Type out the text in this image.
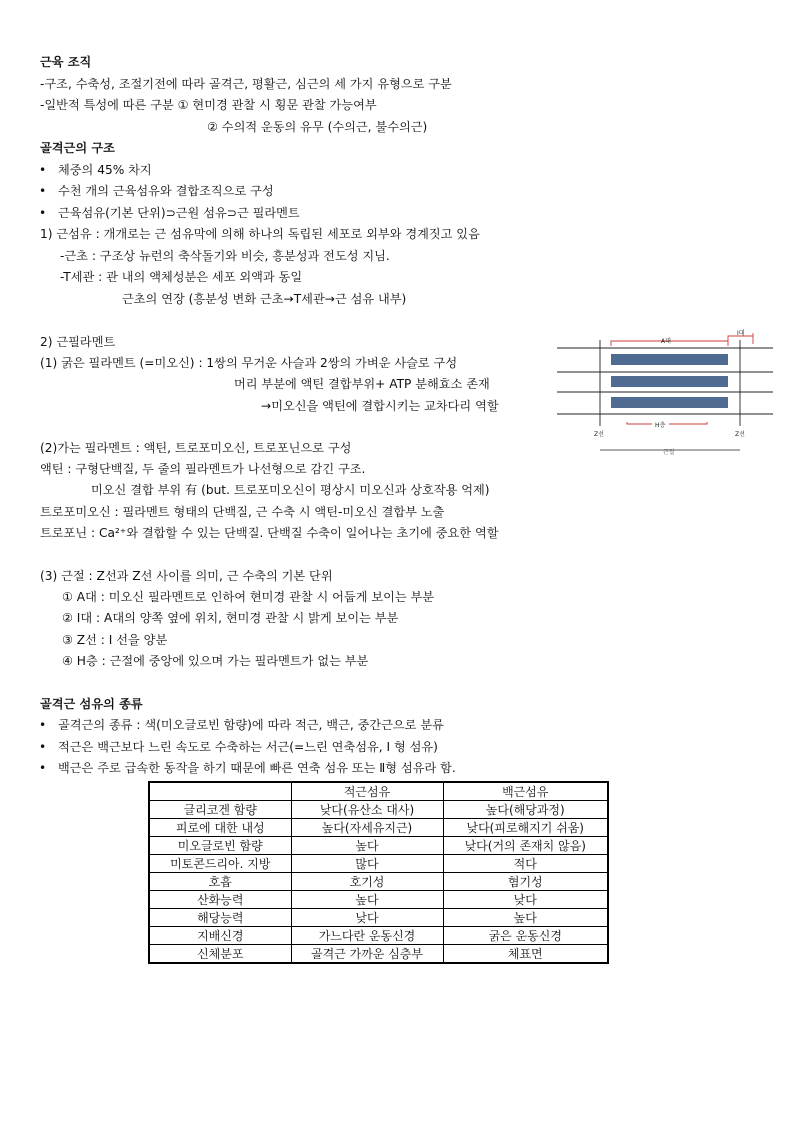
근육 조직
-구조, 수축성, 조절기전에 따라 골격근, 평활근, 심근의 세 가지 유형으로 구분
-일반적 특성에 따른 구분 ① 현미경 관찰 시 횡문 관찰 가능여부
② 수의적 운동의 유무 (수의근, 불수의근)
골격근의 구조
• 체중의 45% 차지
• 수천 개의 근육섬유와 결합조직으로 구성
• 근육섬유(기본 단위)⊃근원 섬유⊃근 필라멘트
1) 근섬유 : 개개로는 근 섬유막에 의해 하나의 독립된 세포로 외부와 경계짓고 있음
-근초 : 구조상 뉴런의 축삭돌기와 비슷, 흥분성과 전도성 지님.
-T세관 : 관 내의 액체성분은 세포 외액과 동일
근초의 연장 (흥분성 변화 근초→T세관→근 섬유 내부)
2) 근필라멘트
(1) 굵은 필라멘트 (=미오신) : 1쌍의 무거운 사슬과 2쌍의 가벼운 사슬로 구성
머리 부분에 액틴 결합부위+ ATP 분해효소 존재
→미오신을 액틴에 결합시키는 교차다리 역할
A대
I대
H층
Z선	Z선
근절
(2)가는 필라멘트 : 액틴, 트로포미오신, 트로포닌으로 구성
액틴 : 구형단백질, 두 줄의 필라멘트가 나선형으로 감긴 구조.
미오신 결합 부위 有 (but. 트로포미오신이 평상시 미오신과 상호작용 억제)
트로포미오신 : 필라멘트 형태의 단백질, 근 수축 시 액틴-미오신 결합부 노출
트로포닌 : Ca²⁺와 결합할 수 있는 단백질. 단백질 수축이 일어나는 초기에 중요한 역할
(3) 근절 : Z선과 Z선 사이를 의미, 근 수축의 기본 단위
① A대 : 미오신 필라멘트로 인하여 현미경 관찰 시 어둡게 보이는 부분
② I대 : A대의 양쪽 옆에 위치, 현미경 관찰 시 밝게 보이는 부분
③ Z선 : I 선을 양분
④ H층 : 근절에 중앙에 있으며 가는 필라멘트가 없는 부분
골격근 섬유의 종류
• 골격근의 종류 : 색(미오글로빈 함량)에 따라 적근, 백근, 중간근으로 분류
• 적근은 백근보다 느린 속도로 수축하는 서근(=느린 연축섬유, I 형 섬유)
• 백근은 주로 급속한 동작을 하기 때문에 빠른 연축 섬유 또는 Ⅱ형 섬유라 함.
	적근섬유	백근섬유
글리코겐 함량	낮다(유산소 대사)	높다(해당과정)
피로에 대한 내성	높다(자세유지근)	낮다(피로해지기 쉬움)
미오글로빈 함량	높다	낮다(거의 존재치 않음)
미토콘드리아. 지방	많다	적다
호흡	호기성	혐기성
산화능력	높다	낮다
해당능력	낮다	높다
지배신경	가느다란 운동신경	굵은 운동신경
신체분포	골격근 가까운 심층부	체표면
